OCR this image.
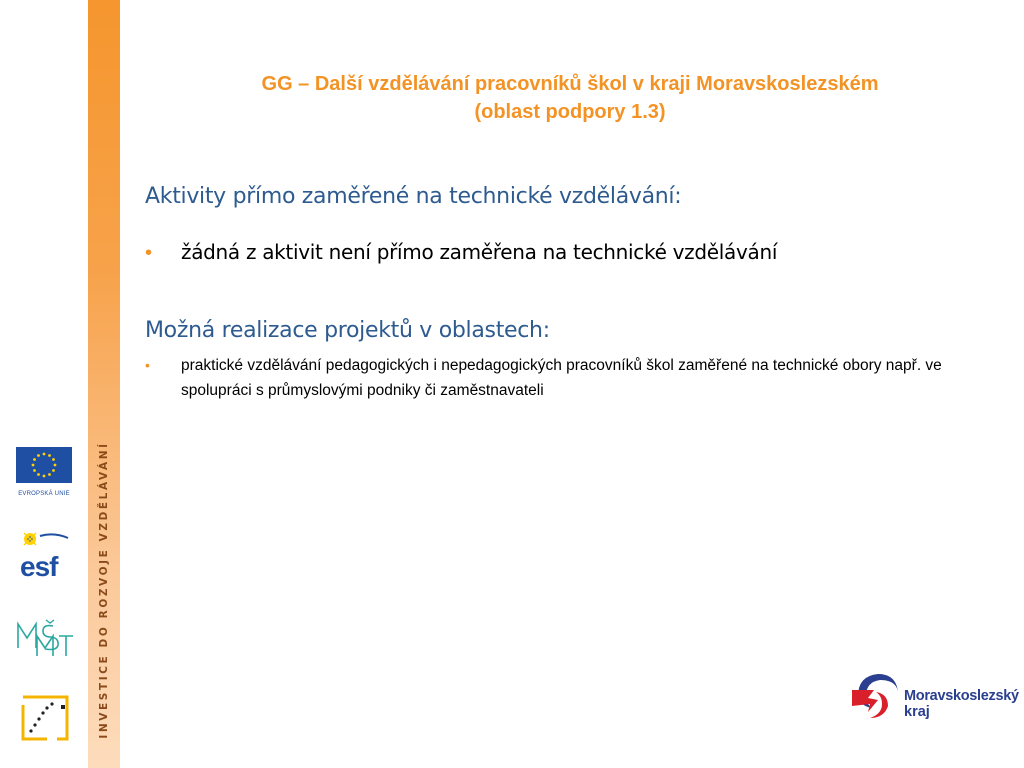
INVESTICE DO ROZVOJE VZDĚLÁVÁNÍ
EVROPSKÁ UNIE
esf
GG – Další vzdělávání pracovníků škol v kraji Moravskoslezském
(oblast podpory 1.3)
Aktivity přímo zaměřené na technické vzdělávání:
•	žádná z aktivit není přímo zaměřena na technické vzdělávání
Možná realizace projektů v oblastech:
•	praktické vzdělávání pedagogických i nepedagogických pracovníků škol zaměřené na technické obory např. ve spolupráci s průmyslovými podniky či zaměstnavateli
Moravskoslezský
kraj
